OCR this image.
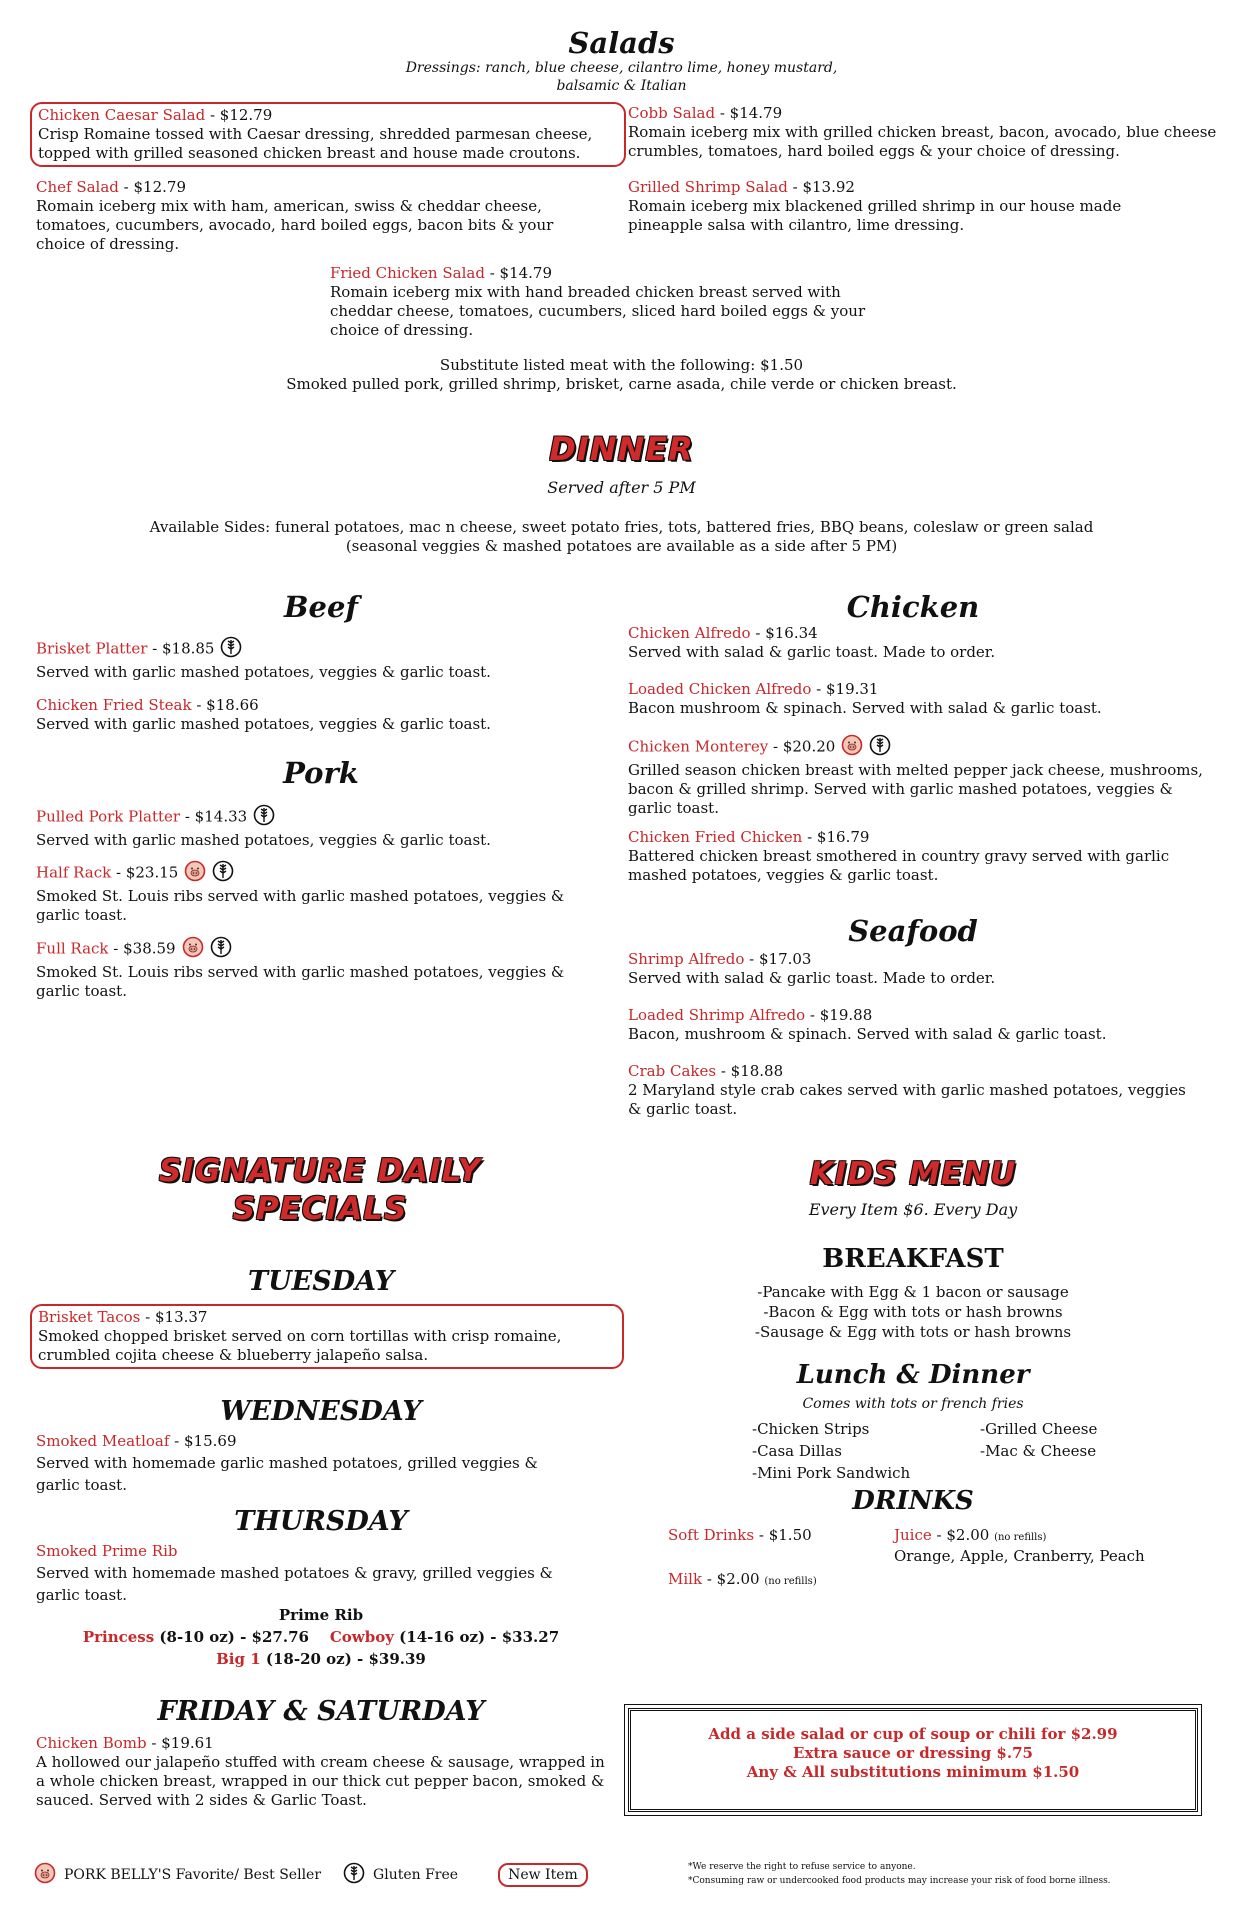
Salads
Dressings: ranch, blue cheese, cilantro lime, honey mustard,
balsamic & Italian
Chicken Caesar Salad - $12.79
Crisp Romaine tossed with Caesar dressing, shredded parmesan cheese, topped with grilled seasoned chicken breast and house made croutons.
Cobb Salad - $14.79
Romain iceberg mix with grilled chicken breast, bacon, avocado, blue cheese crumbles, tomatoes, hard boiled eggs & your choice of dressing.
Chef Salad - $12.79
Romain iceberg mix with ham, american, swiss & cheddar cheese, tomatoes, cucumbers, avocado, hard boiled eggs, bacon bits & your choice of dressing.
Grilled Shrimp Salad - $13.92
Romain iceberg mix blackened grilled shrimp in our house made pineapple salsa with cilantro, lime dressing.
Fried Chicken Salad - $14.79
Romain iceberg mix with hand breaded chicken breast served with cheddar cheese, tomatoes, cucumbers, sliced hard boiled eggs & your choice of dressing.
Substitute listed meat with the following: $1.50
Smoked pulled pork, grilled shrimp, brisket, carne asada, chile verde or chicken breast.
DINNER
Served after 5 PM
Available Sides: funeral potatoes, mac n cheese, sweet potato fries, tots, battered fries, BBQ beans, coleslaw or green salad
(seasonal veggies & mashed potatoes are available as a side after 5 PM)
Beef
Brisket Platter - $18.85
Served with garlic mashed potatoes, veggies & garlic toast.
Chicken Fried Steak - $18.66
Served with garlic mashed potatoes, veggies & garlic toast.
Pork
Pulled Pork Platter - $14.33
Served with garlic mashed potatoes, veggies & garlic toast.
Half Rack - $23.15
Smoked St. Louis ribs served with garlic mashed potatoes, veggies & garlic toast.
Full Rack - $38.59
Smoked St. Louis ribs served with garlic mashed potatoes, veggies & garlic toast.
Chicken
Chicken Alfredo - $16.34
Served with salad & garlic toast. Made to order.
Loaded Chicken Alfredo - $19.31
Bacon mushroom & spinach. Served with salad & garlic toast.
Chicken Monterey - $20.20
Grilled season chicken breast with melted pepper jack cheese, mushrooms, bacon & grilled shrimp. Served with garlic mashed potatoes, veggies & garlic toast.
Chicken Fried Chicken - $16.79
Battered chicken breast smothered in country gravy served with garlic mashed potatoes, veggies & garlic toast.
Seafood
Shrimp Alfredo - $17.03
Served with salad & garlic toast. Made to order.
Loaded Shrimp Alfredo - $19.88
Bacon, mushroom & spinach. Served with salad & garlic toast.
Crab Cakes - $18.88
2 Maryland style crab cakes served with garlic mashed potatoes, veggies & garlic toast.
SIGNATURE DAILY
SPECIALS
TUESDAY
Brisket Tacos - $13.37
Smoked chopped brisket served on corn tortillas with crisp romaine, crumbled cojita cheese & blueberry jalapeño salsa.
WEDNESDAY
Smoked Meatloaf - $15.69
Served with homemade garlic mashed potatoes, grilled veggies & garlic toast.
THURSDAY
Smoked Prime Rib
Served with homemade mashed potatoes & gravy, grilled veggies & garlic toast.
Prime Rib
Princess (8-10 oz) - $27.76 Cowboy (14-16 oz) - $33.27
Big 1 (18-20 oz) - $39.39
FRIDAY & SATURDAY
Chicken Bomb - $19.61
A hollowed our jalapeño stuffed with cream cheese & sausage, wrapped in a whole chicken breast, wrapped in our thick cut pepper bacon, smoked & sauced. Served with 2 sides & Garlic Toast.
KIDS MENU
Every Item $6. Every Day
BREAKFAST
-Pancake with Egg & 1 bacon or sausage
-Bacon & Egg with tots or hash browns
-Sausage & Egg with tots or hash browns
Lunch & Dinner
Comes with tots or french fries
-Chicken Strips
-Casa Dillas
-Mini Pork Sandwich
-Grilled Cheese
-Mac & Cheese
DRINKS
Soft Drinks - $1.50	Juice - $2.00 (no refills)
Orange, Apple, Cranberry, Peach
Milk - $2.00 (no refills)
Add a side salad or cup of soup or chili for $2.99
Extra sauce or dressing $.75
Any & All substitutions minimum $1.50
PORK BELLY'S Favorite/ Best Seller	Gluten Free	New Item	*We reserve the right to refuse service to anyone.
*Consuming raw or undercooked food products may increase your risk of food borne illness.
